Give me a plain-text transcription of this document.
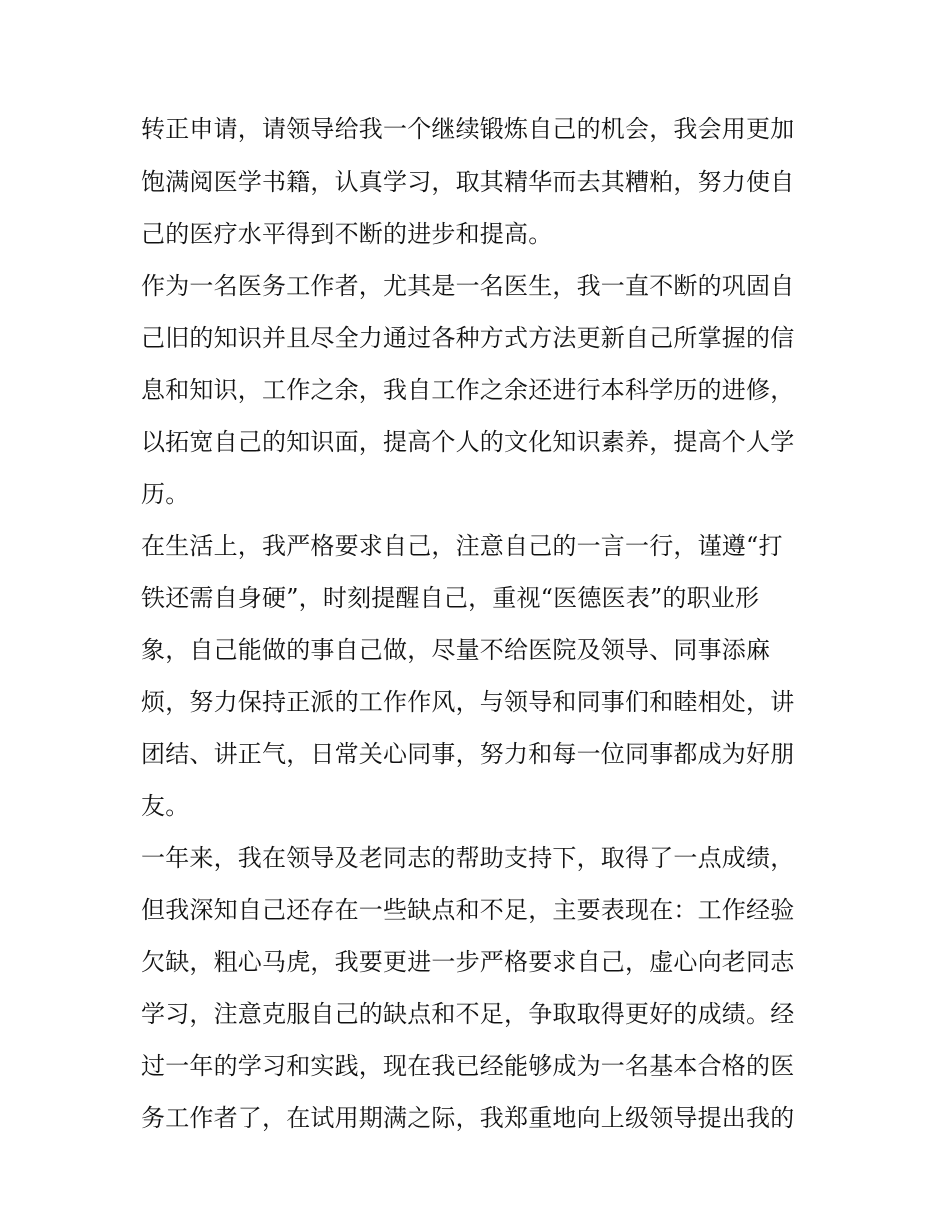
转正申请，请领导给我一个继续锻炼自己的机会，我会用更加

饱满阅医学书籍，认真学习，取其精华而去其糟粕，努力使自

己的医疗水平得到不断的进步和提高。

作为一名医务工作者，尤其是一名医生，我一直不断的巩固自

己旧的知识并且尽全力通过各种方式方法更新自己所掌握的信

息和知识，工作之余，我自工作之余还进行本科学历的进修，

以拓宽自己的知识面，提高个人的文化知识素养，提高个人学

历。

在生活上，我严格要求自己，注意自己的一言一行，谨遵“打

铁还需自身硬”，时刻提醒自己，重视“医德医表”的职业形

象，自己能做的事自己做，尽量不给医院及领导、同事添麻

烦，努力保持正派的工作作风，与领导和同事们和睦相处，讲

团结、讲正气，日常关心同事，努力和每一位同事都成为好朋

友。

一年来，我在领导及老同志的帮助支持下，取得了一点成绩，

但我深知自己还存在一些缺点和不足，主要表现在：工作经验

欠缺，粗心马虎，我要更进一步严格要求自己，虚心向老同志

学习，注意克服自己的缺点和不足，争取取得更好的成绩。经

过一年的学习和实践，现在我已经能够成为一名基本合格的医

务工作者了，在试用期满之际，我郑重地向上级领导提出我的
